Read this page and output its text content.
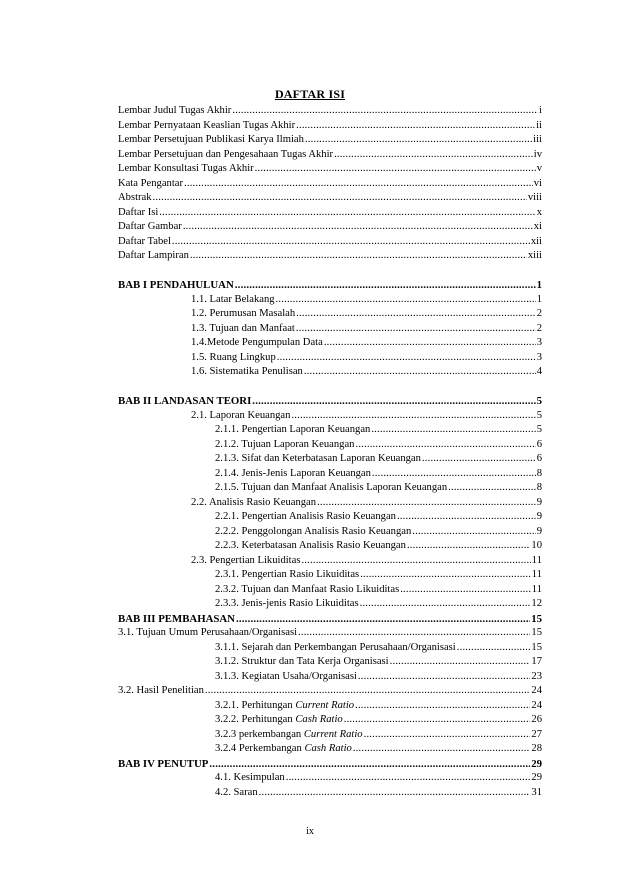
DAFTAR ISI
Lembar Judul Tugas Akhir .....	i
Lembar Pernyataan Keaslian Tugas Akhir .....	ii
Lembar Persetujuan Publikasi Karya Ilmiah .....	iii
Lembar Persetujuan dan Pengesahaan Tugas Akhir .....	iv
Lembar Konsultasi Tugas Akhir .....	v
Kata Pengantar .....	vi
Abstrak .....	viii
Daftar Isi .....	x
Daftar Gambar .....	xi
Daftar Tabel .....	xii
Daftar Lampiran .....	xiii
BAB I PENDAHULUAN .....	1
1.1. Latar Belakang .....	1
1.2. Perumusan Masalah .....	2
1.3. Tujuan dan Manfaat .....	2
1.4.Metode Pengumpulan Data .....	3
1.5. Ruang Lingkup .....	3
1.6. Sistematika Penulisan .....	4
BAB II LANDASAN TEORI .....	5
2.1. Laporan Keuangan .....	5
2.1.1. Pengertian Laporan Keuangan .....	5
2.1.2. Tujuan Laporan Keuangan .....	6
2.1.3. Sifat dan Keterbatasan Laporan Keuangan .....	6
2.1.4. Jenis-Jenis Laporan Keuangan .....	8
2.1.5. Tujuan dan Manfaat Analisis Laporan Keuangan .....	8
2.2. Analisis Rasio Keuangan .....	9
2.2.1. Pengertian Analisis Rasio Keuangan .....	9
2.2.2. Penggolongan Analisis Rasio Keuangan .....	9
2.2.3. Keterbatasan Analisis Rasio Keuangan .....	10
2.3. Pengertian Likuiditas .....	11
2.3.1. Pengertian Rasio Likuiditas .....	11
2.3.2. Tujuan dan Manfaat Rasio Likuiditas .....	11
2.3.3. Jenis-jenis Rasio Likuiditas .....	12
BAB III PEMBAHASAN .....	15
3.1. Tujuan Umum Perusahaan/Organisasi .....	15
3.1.1. Sejarah dan Perkembangan Perusahaan/Organisasi .....	15
3.1.2. Struktur dan Tata Kerja Organisasi .....	17
3.1.3. Kegiatan Usaha/Organisasi .....	23
3.2. Hasil Penelitian .....	24
3.2.1. Perhitungan Current Ratio .....	24
3.2.2. Perhitungan Cash Ratio .....	26
3.2.3 perkembangan Current Ratio .....	27
3.2.4 Perkembangan Cash Ratio .....	28
BAB IV PENUTUP .....	29
4.1. Kesimpulan .....	29
4.2. Saran .....	31
ix
